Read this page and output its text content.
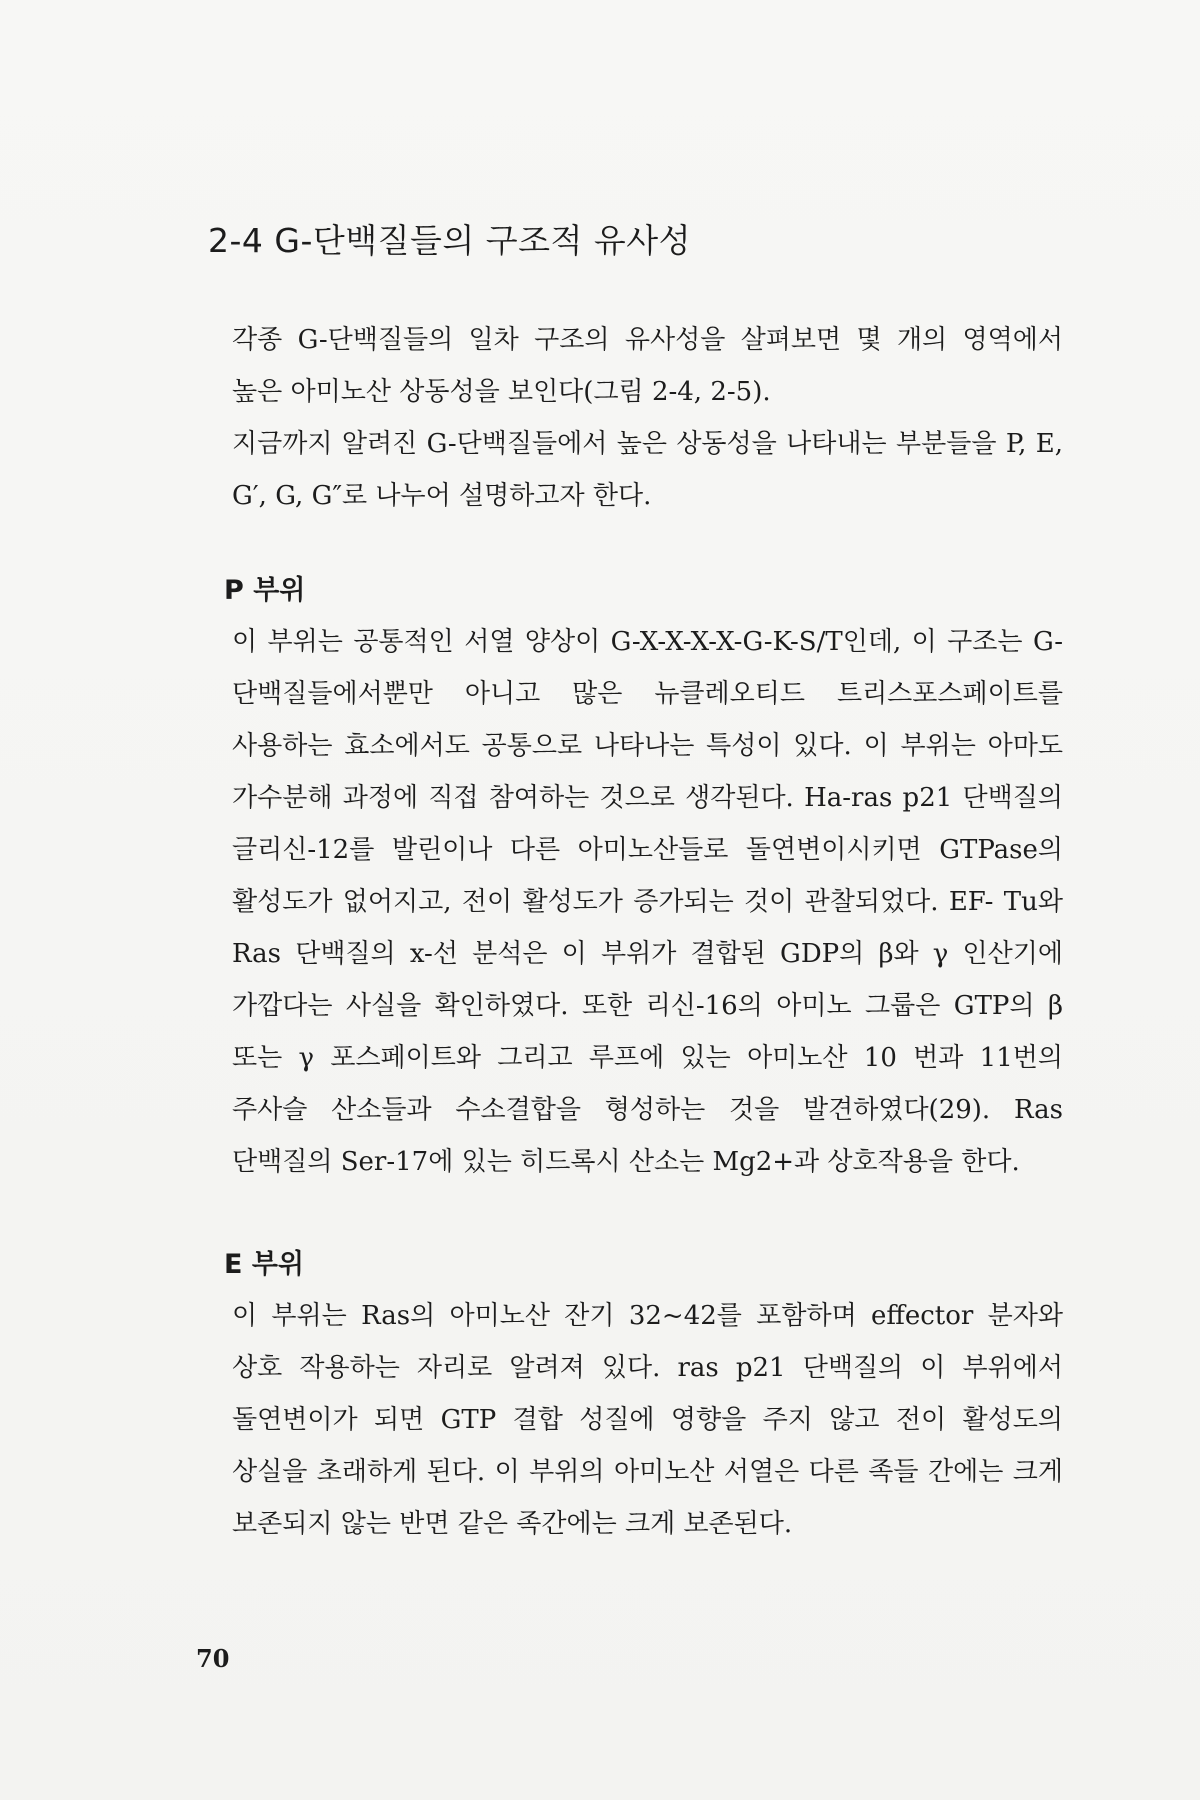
2-4 G-단백질들의 구조적 유사성

각종 G-단백질들의 일차 구조의 유사성을 살펴보면 몇 개의 영역에서 높은 아미노산 상동성을 보인다(그림 2-4, 2-5).

지금까지 알려진 G-단백질들에서 높은 상동성을 나타내는 부분들을 P, E, G′, G, G″로 나누어 설명하고자 한다.

P 부위

이 부위는 공통적인 서열 양상이 G-X-X-X-X-G-K-S/T인데, 이 구조는 G-단백질들에서뿐만 아니고 많은 뉴클레오티드 트리스포스페이트를 사용하는 효소에서도 공통으로 나타나는 특성이 있다. 이 부위는 아마도 가수분해 과정에 직접 참여하는 것으로 생각된다. Ha-ras p21 단백질의 글리신-12를 발린이나 다른 아미노산들로 돌연변이시키면 GTPase의 활성도가 없어지고, 전이 활성도가 증가되는 것이 관찰되었다. EF- Tu와 Ras 단백질의 x-선 분석은 이 부위가 결합된 GDP의 β와 γ 인산기에 가깝다는 사실을 확인하였다. 또한 리신-16의 아미노 그룹은 GTP의 β 또는 γ 포스페이트와 그리고 루프에 있는 아미노산 10 번과 11번의 주사슬 산소들과 수소결합을 형성하는 것을 발견하였다(29). Ras 단백질의 Ser-17에 있는 히드록시 산소는 Mg2+과 상호작용을 한다.

E 부위

이 부위는 Ras의 아미노산 잔기 32~42를 포함하며 effector 분자와 상호 작용하는 자리로 알려져 있다. ras p21 단백질의 이 부위에서 돌연변이가 되면 GTP 결합 성질에 영향을 주지 않고 전이 활성도의 상실을 초래하게 된다. 이 부위의 아미노산 서열은 다른 족들 간에는 크게 보존되지 않는 반면 같은 족간에는 크게 보존된다.

70
